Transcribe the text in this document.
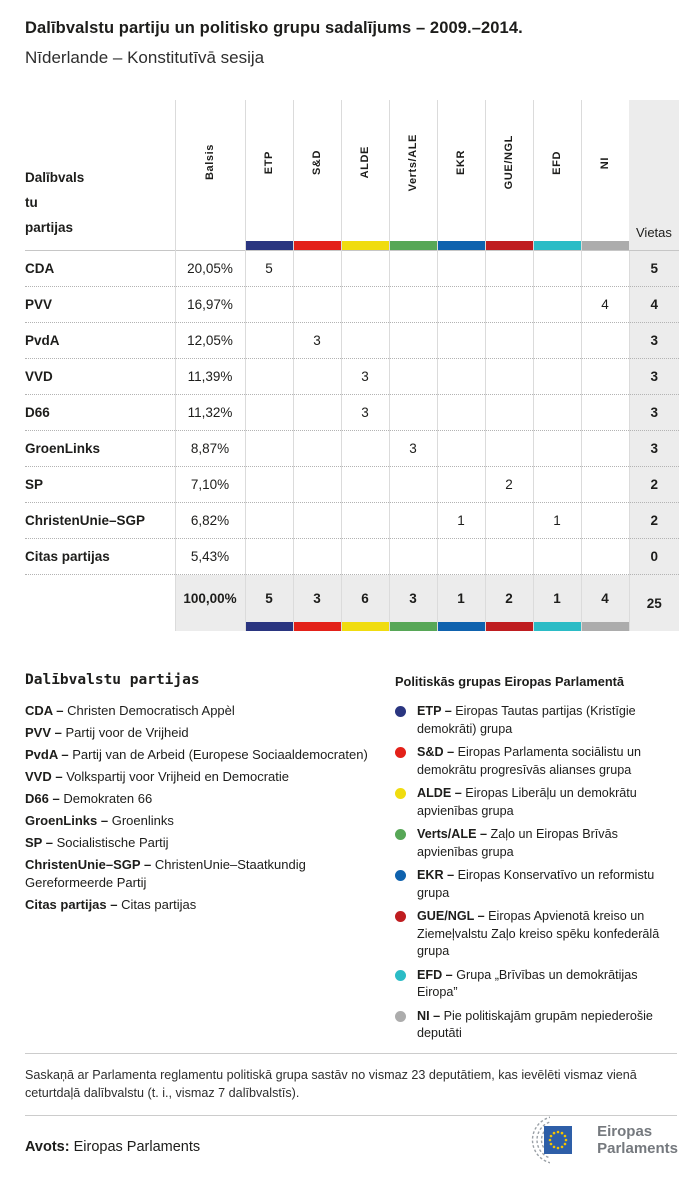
Dalībvalstu partiju un politisko grupu sadalījums – 2009.–2014.
Nīderlande – Konstitutīvā sesija
Dalībvals
tu
partijas	Balsis	ETP	S&D	ALDE	Verts/ALE	EKR	GUE/NGL	EFD	NI	Vietas
CDA	20,05%	5								5
PVV	16,97%								4	4
PvdA	12,05%		3							3
VVD	11,39%			3						3
D66	11,32%			3						3
GroenLinks	8,87%				3					3
SP	7,10%						2			2
ChristenUnie–SGP	6,82%					1		1		2
Citas partijas	5,43%									0
	100,00%	5	3	6	3	1	2	1	4	25
Dalībvalstu partijas
CDA – Christen Democratisch Appèl
PVV – Partij voor de Vrijheid
PvdA – Partij van de Arbeid (Europese Sociaaldemocraten)
VVD – Volkspartij voor Vrijheid en Democratie
D66 – Demokraten 66
GroenLinks – Groenlinks
SP – Socialistische Partij
ChristenUnie–SGP – ChristenUnie–Staatkundig Gereformeerde Partij
Citas partijas – Citas partijas
Politiskās grupas Eiropas Parlamentā
ETP – Eiropas Tautas partijas (Kristīgie demokrāti) grupa
S&D – Eiropas Parlamenta sociālistu un demokrātu progresīvās alianses grupa
ALDE – Eiropas Liberāļu un demokrātu apvienības grupa
Verts/ALE – Zaļo un Eiropas Brīvās apvienības grupa
EKR – Eiropas Konservatīvo un reformistu grupa
GUE/NGL – Eiropas Apvienotā kreiso un Ziemeļvalstu Zaļo kreiso spēku konfederālā grupa
EFD – Grupa „Brīvības un demokrātijas Eiropa”
NI – Pie politiskajām grupām nepiederošie deputāti
Saskaņā ar Parlamenta reglamentu politiskā grupa sastāv no vismaz 23 deputātiem, kas ievēlēti vismaz vienā ceturtdaļā dalībvalstu (t. i., vismaz 7 dalībvalstīs).
Avots: Eiropas Parlaments
Eiropas
Parlaments
